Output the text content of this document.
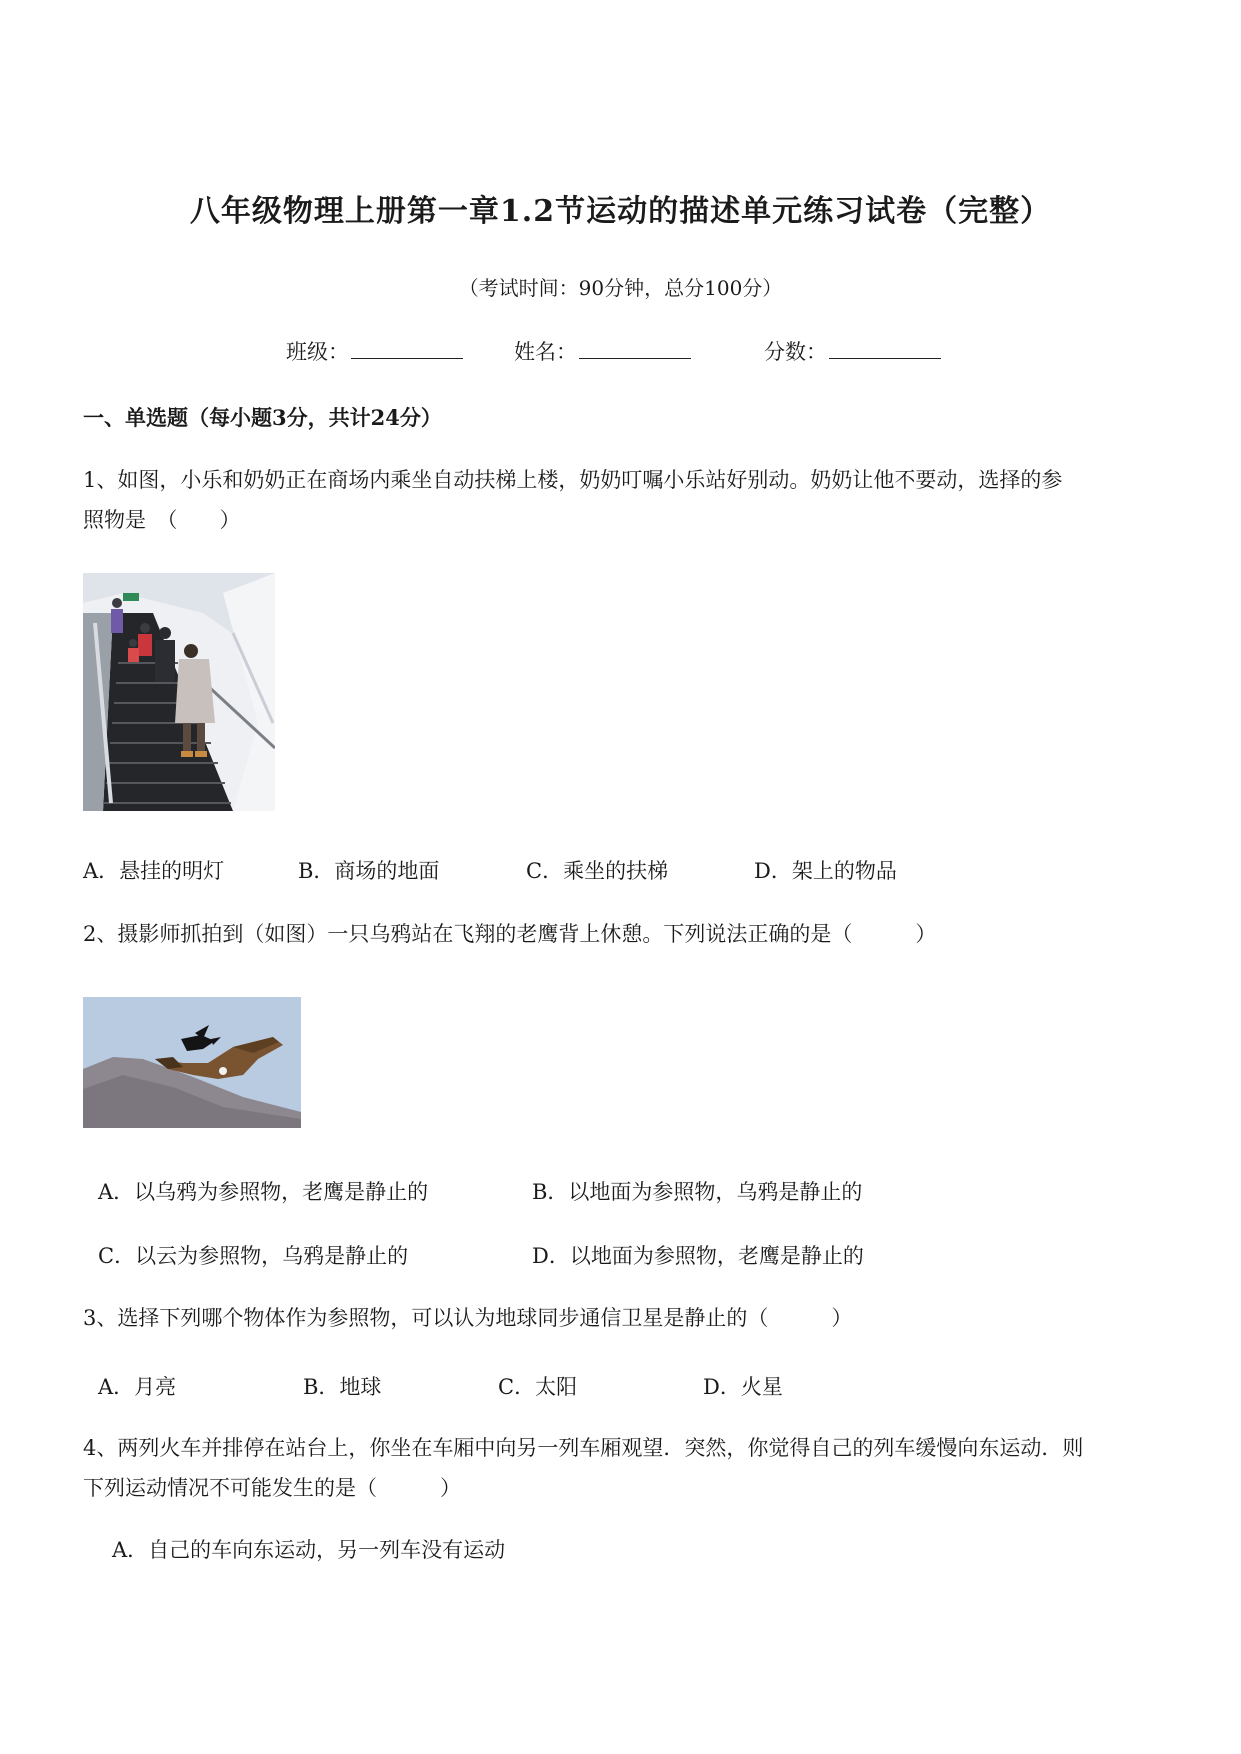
八年级物理上册第一章1.2节运动的描述单元练习试卷（完整）
（考试时间：90分钟，总分100分）
班级：	姓名：	分数：
一、单选题（每小题3分，共计24分）
1、如图，小乐和奶奶正在商场内乘坐自动扶梯上楼，奶奶叮嘱小乐站好别动。奶奶让他不要动，选择的参
照物是　（　　）
A．悬挂的明灯	B．商场的地面	C．乘坐的扶梯	D．架上的物品
2、摄影师抓拍到（如图）一只乌鸦站在飞翔的老鹰背上休憩。下列说法正确的是（　　　）
A．以乌鸦为参照物，老鹰是静止的	B．以地面为参照物，乌鸦是静止的
C．以云为参照物，乌鸦是静止的	D．以地面为参照物，老鹰是静止的
3、选择下列哪个物体作为参照物，可以认为地球同步通信卫星是静止的（　　　）
A．月亮	B．地球	C．太阳	D．火星
4、两列火车并排停在站台上，你坐在车厢中向另一列车厢观望．突然，你觉得自己的列车缓慢向东运动．则
下列运动情况不可能发生的是（　　　）
A．自己的车向东运动，另一列车没有运动
